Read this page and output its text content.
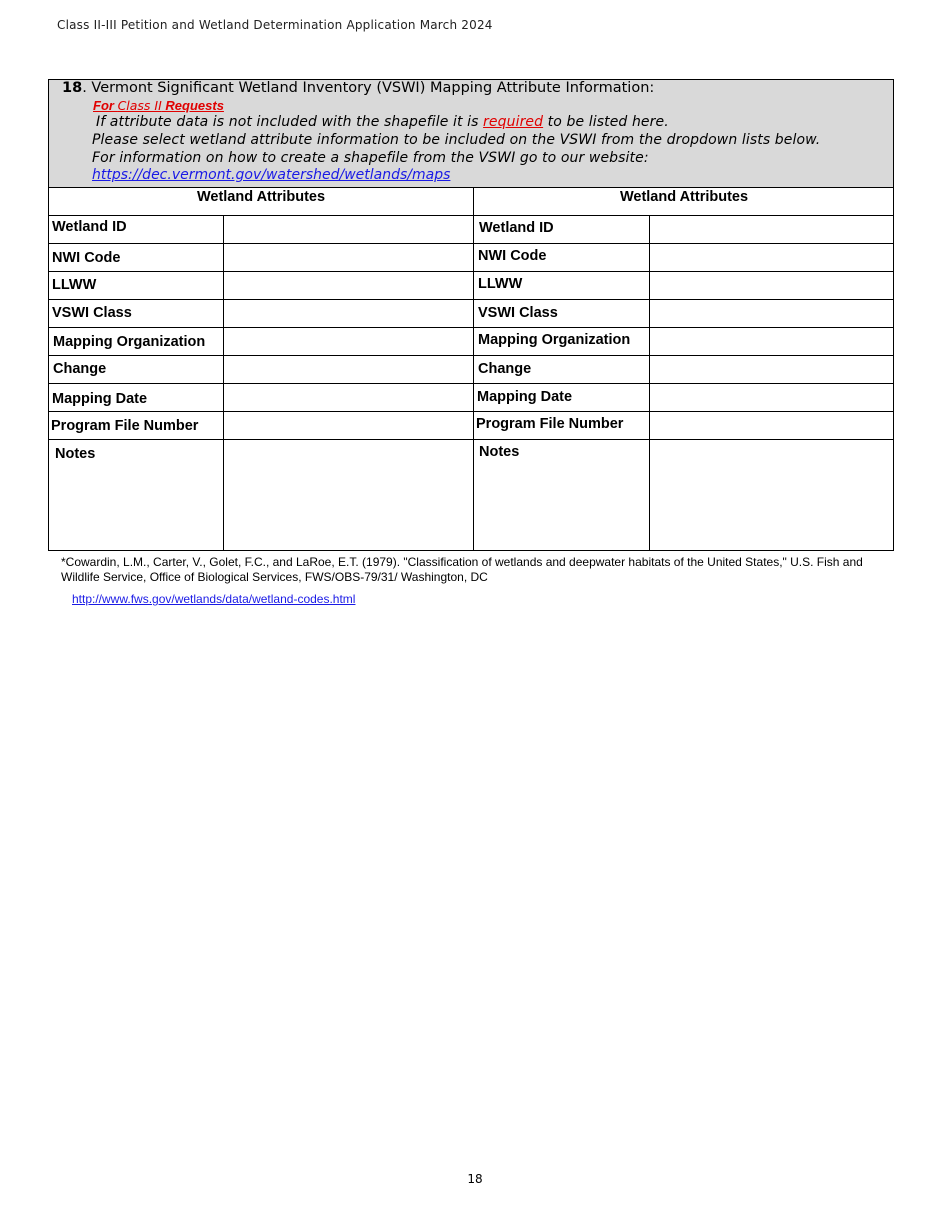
Class II-III Petition and Wetland Determination Application March 2024
18. Vermont Significant Wetland Inventory (VSWI) Mapping Attribute Information:
For Class II Requests
If attribute data is not included with the shapefile it is required to be listed here.
Please select wetland attribute information to be included on the VSWI from the dropdown lists below.
For information on how to create a shapefile from the VSWI go to our website:
https://dec.vermont.gov/watershed/wetlands/maps
Wetland Attributes	Wetland Attributes
Wetland ID
NWI Code
LLWW
VSWI Class
Mapping Organization
Change
Mapping Date
Program File Number
Notes
Wetland ID
NWI Code
LLWW
VSWI Class
Mapping Organization
Change
Mapping Date
Program File Number
Notes
*Cowardin, L.M., Carter, V., Golet, F.C., and LaRoe, E.T. (1979). "Classification of wetlands and deepwater habitats of the United States," U.S. Fish and Wildlife Service, Office of Biological Services, FWS/OBS-79/31/ Washington, DC
http://www.fws.gov/wetlands/data/wetland-codes.html
18
